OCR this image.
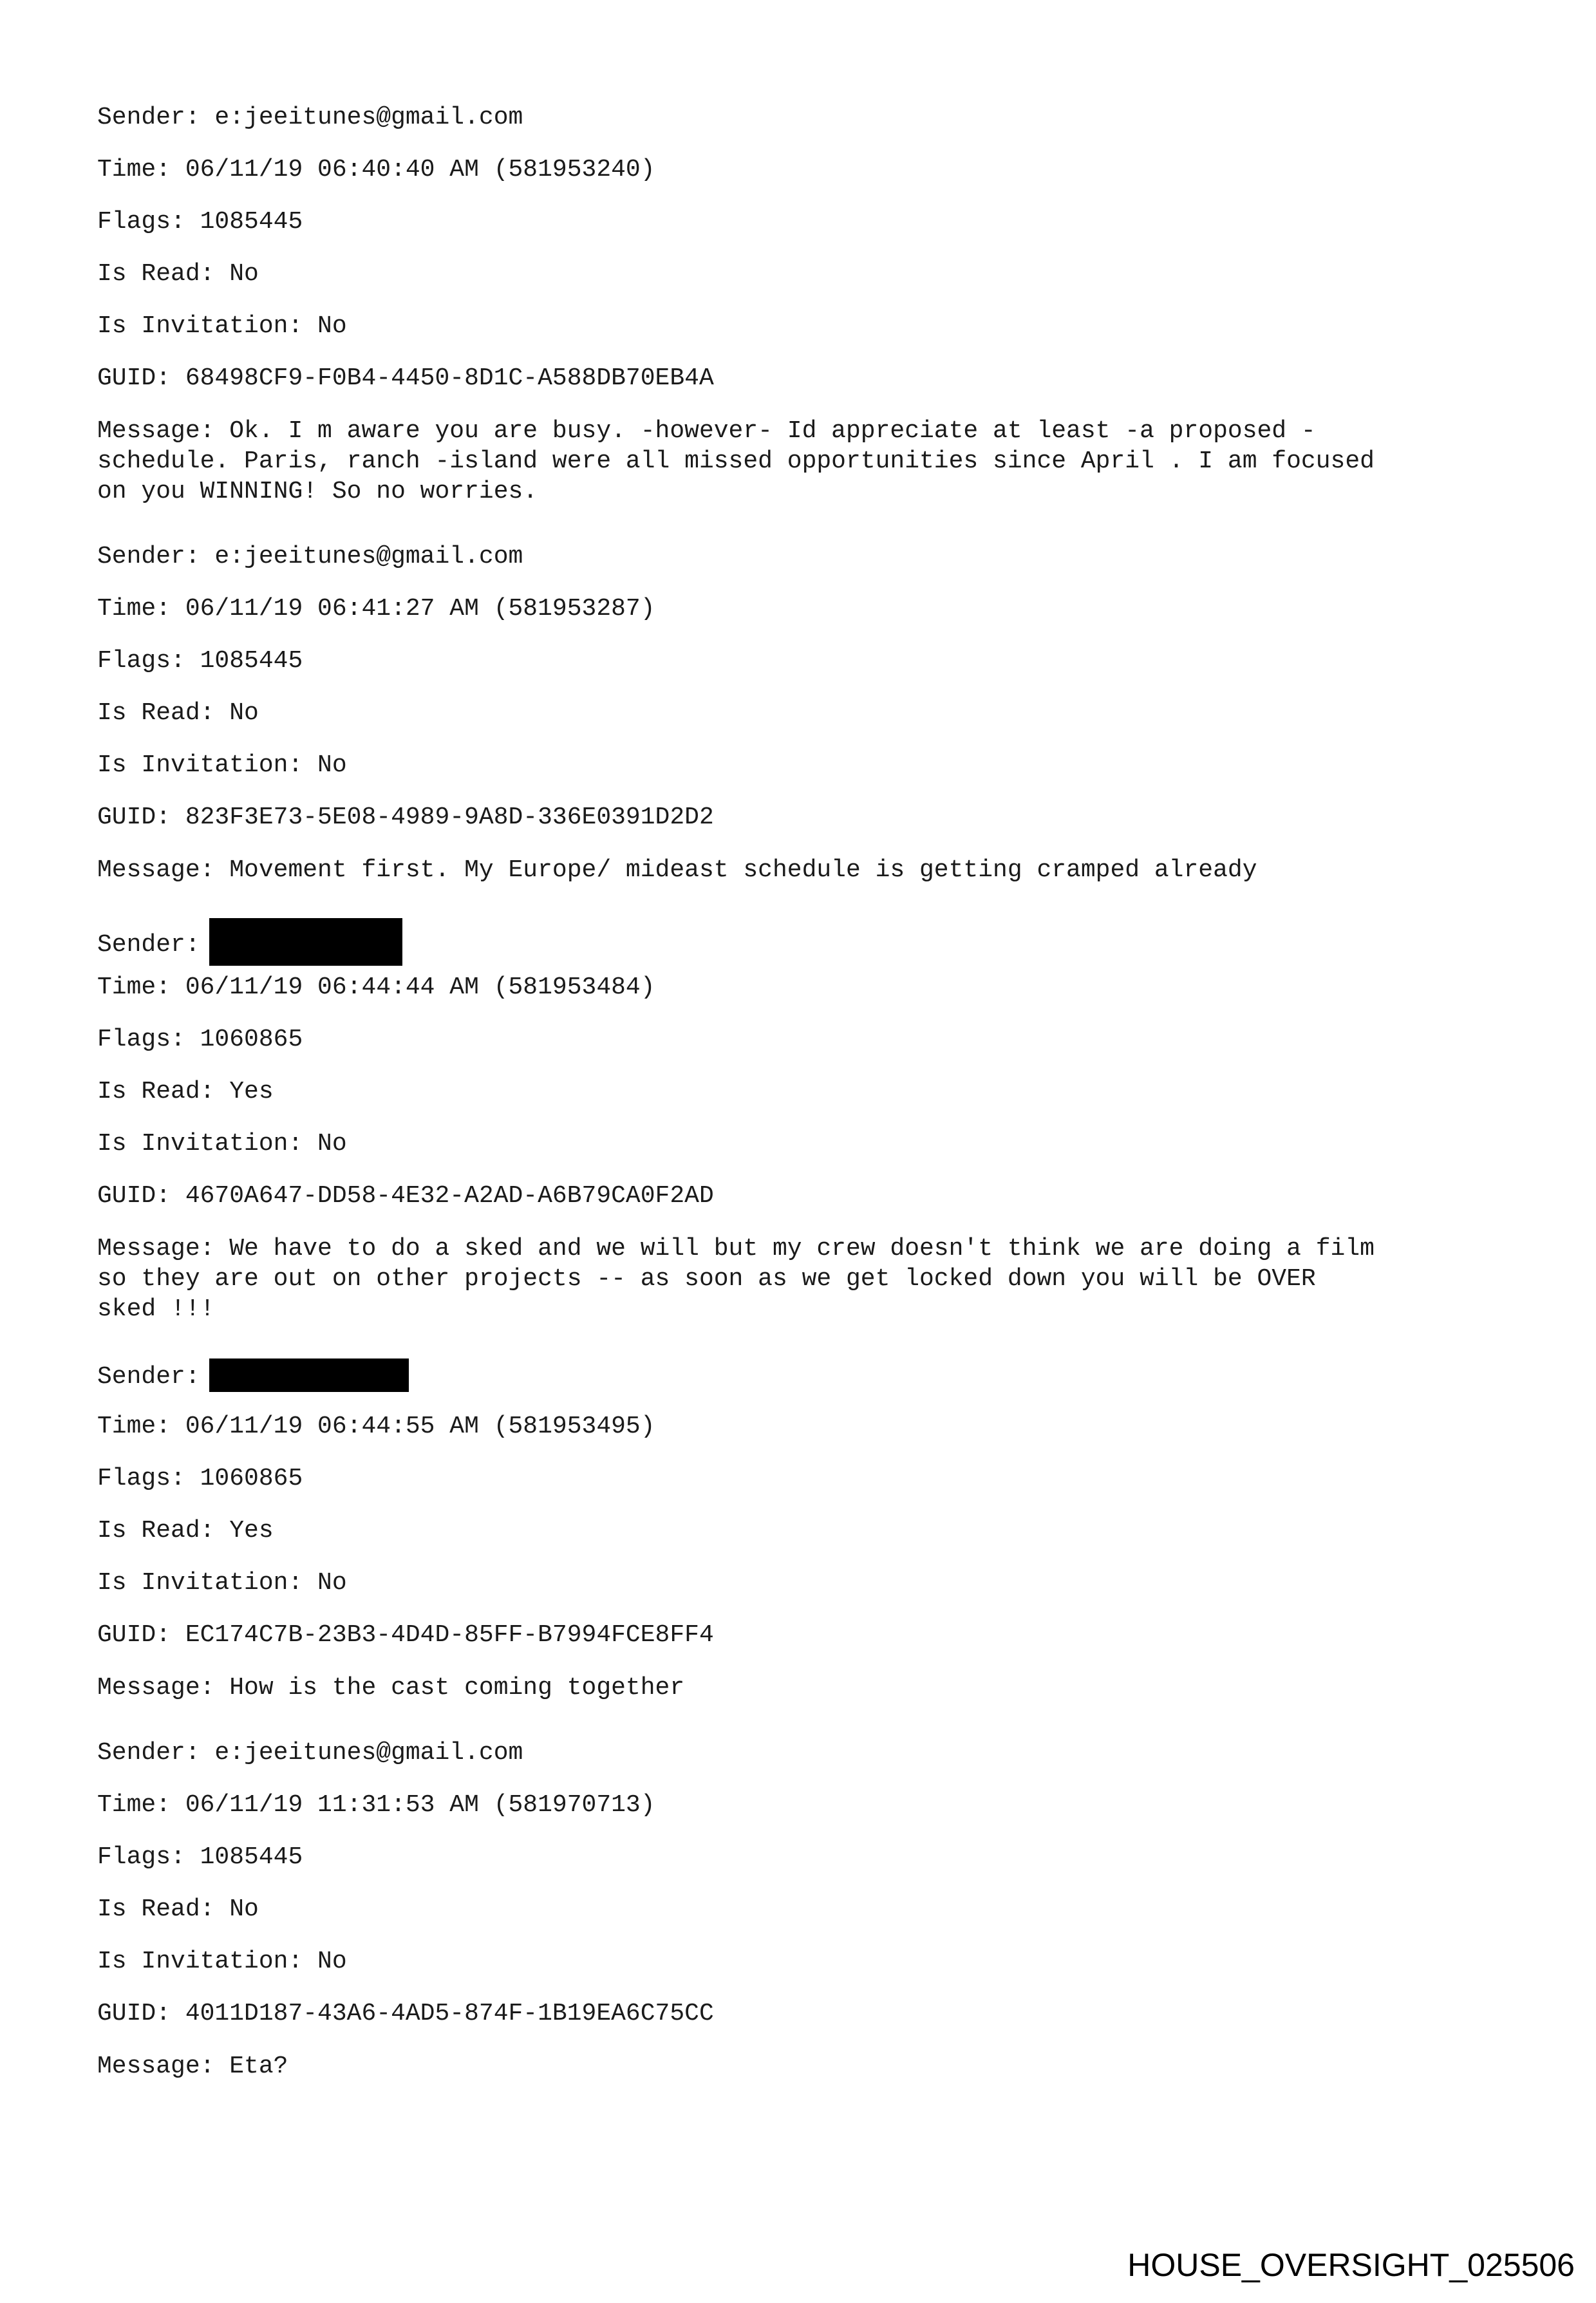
Sender: e:jeeitunes@gmail.com
Time: 06/11/19 06:40:40 AM (581953240)
Flags: 1085445
Is Read: No
Is Invitation: No
GUID: 68498CF9-F0B4-4450-8D1C-A588DB70EB4A
Message: Ok. I m aware you are busy. -however- Id appreciate at least -a proposed -
schedule. Paris, ranch -island were all missed opportunities since April . I am focused
on you WINNING! So no worries.
Sender: e:jeeitunes@gmail.com
Time: 06/11/19 06:41:27 AM (581953287)
Flags: 1085445
Is Read: No
Is Invitation: No
GUID: 823F3E73-5E08-4989-9A8D-336E0391D2D2
Message: Movement first. My Europe/ mideast schedule is getting cramped already
Sender:
Time: 06/11/19 06:44:44 AM (581953484)
Flags: 1060865
Is Read: Yes
Is Invitation: No
GUID: 4670A647-DD58-4E32-A2AD-A6B79CA0F2AD
Message: We have to do a sked and we will but my crew doesn't think we are doing a film
so they are out on other projects -- as soon as we get locked down you will be OVER
sked !!!
Sender:
Time: 06/11/19 06:44:55 AM (581953495)
Flags: 1060865
Is Read: Yes
Is Invitation: No
GUID: EC174C7B-23B3-4D4D-85FF-B7994FCE8FF4
Message: How is the cast coming together
Sender: e:jeeitunes@gmail.com
Time: 06/11/19 11:31:53 AM (581970713)
Flags: 1085445
Is Read: No
Is Invitation: No
GUID: 4011D187-43A6-4AD5-874F-1B19EA6C75CC
Message: Eta?
HOUSE_OVERSIGHT_025506
